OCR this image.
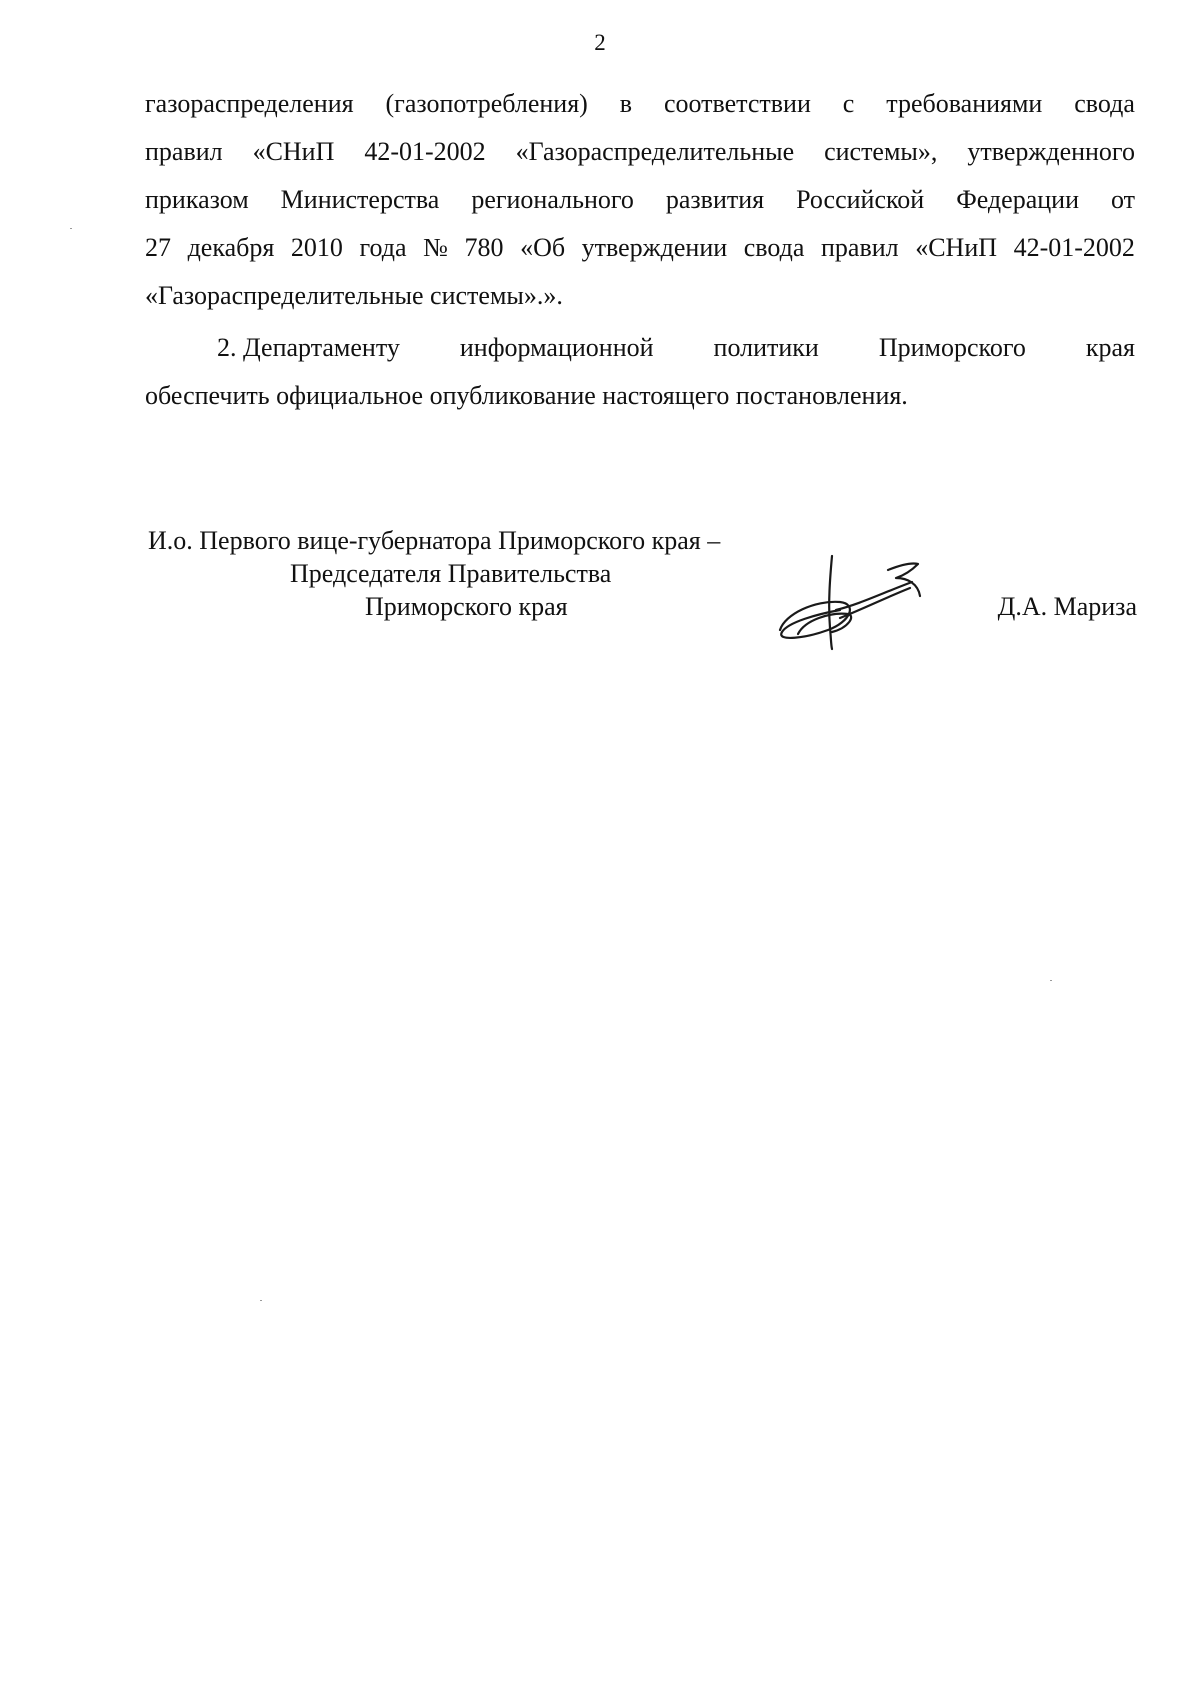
2
газораспределения (газопотребления) в соответствии с требованиями свода
правил «СНиП 42-01-2002 «Газораспределительные системы», утвержденного
приказом Министерства регионального развития Российской Федерации от
27 декабря 2010 года № 780 «Об утверждении свода правил «СНиП 42-01-2002
«Газораспределительные системы».».
2. Департаменту информационной политики Приморского края
обеспечить официальное опубликование настоящего постановления.
И.о. Первого вице-губернатора Приморского края –
Председателя Правительства
Приморского края	Д.А. Мариза
